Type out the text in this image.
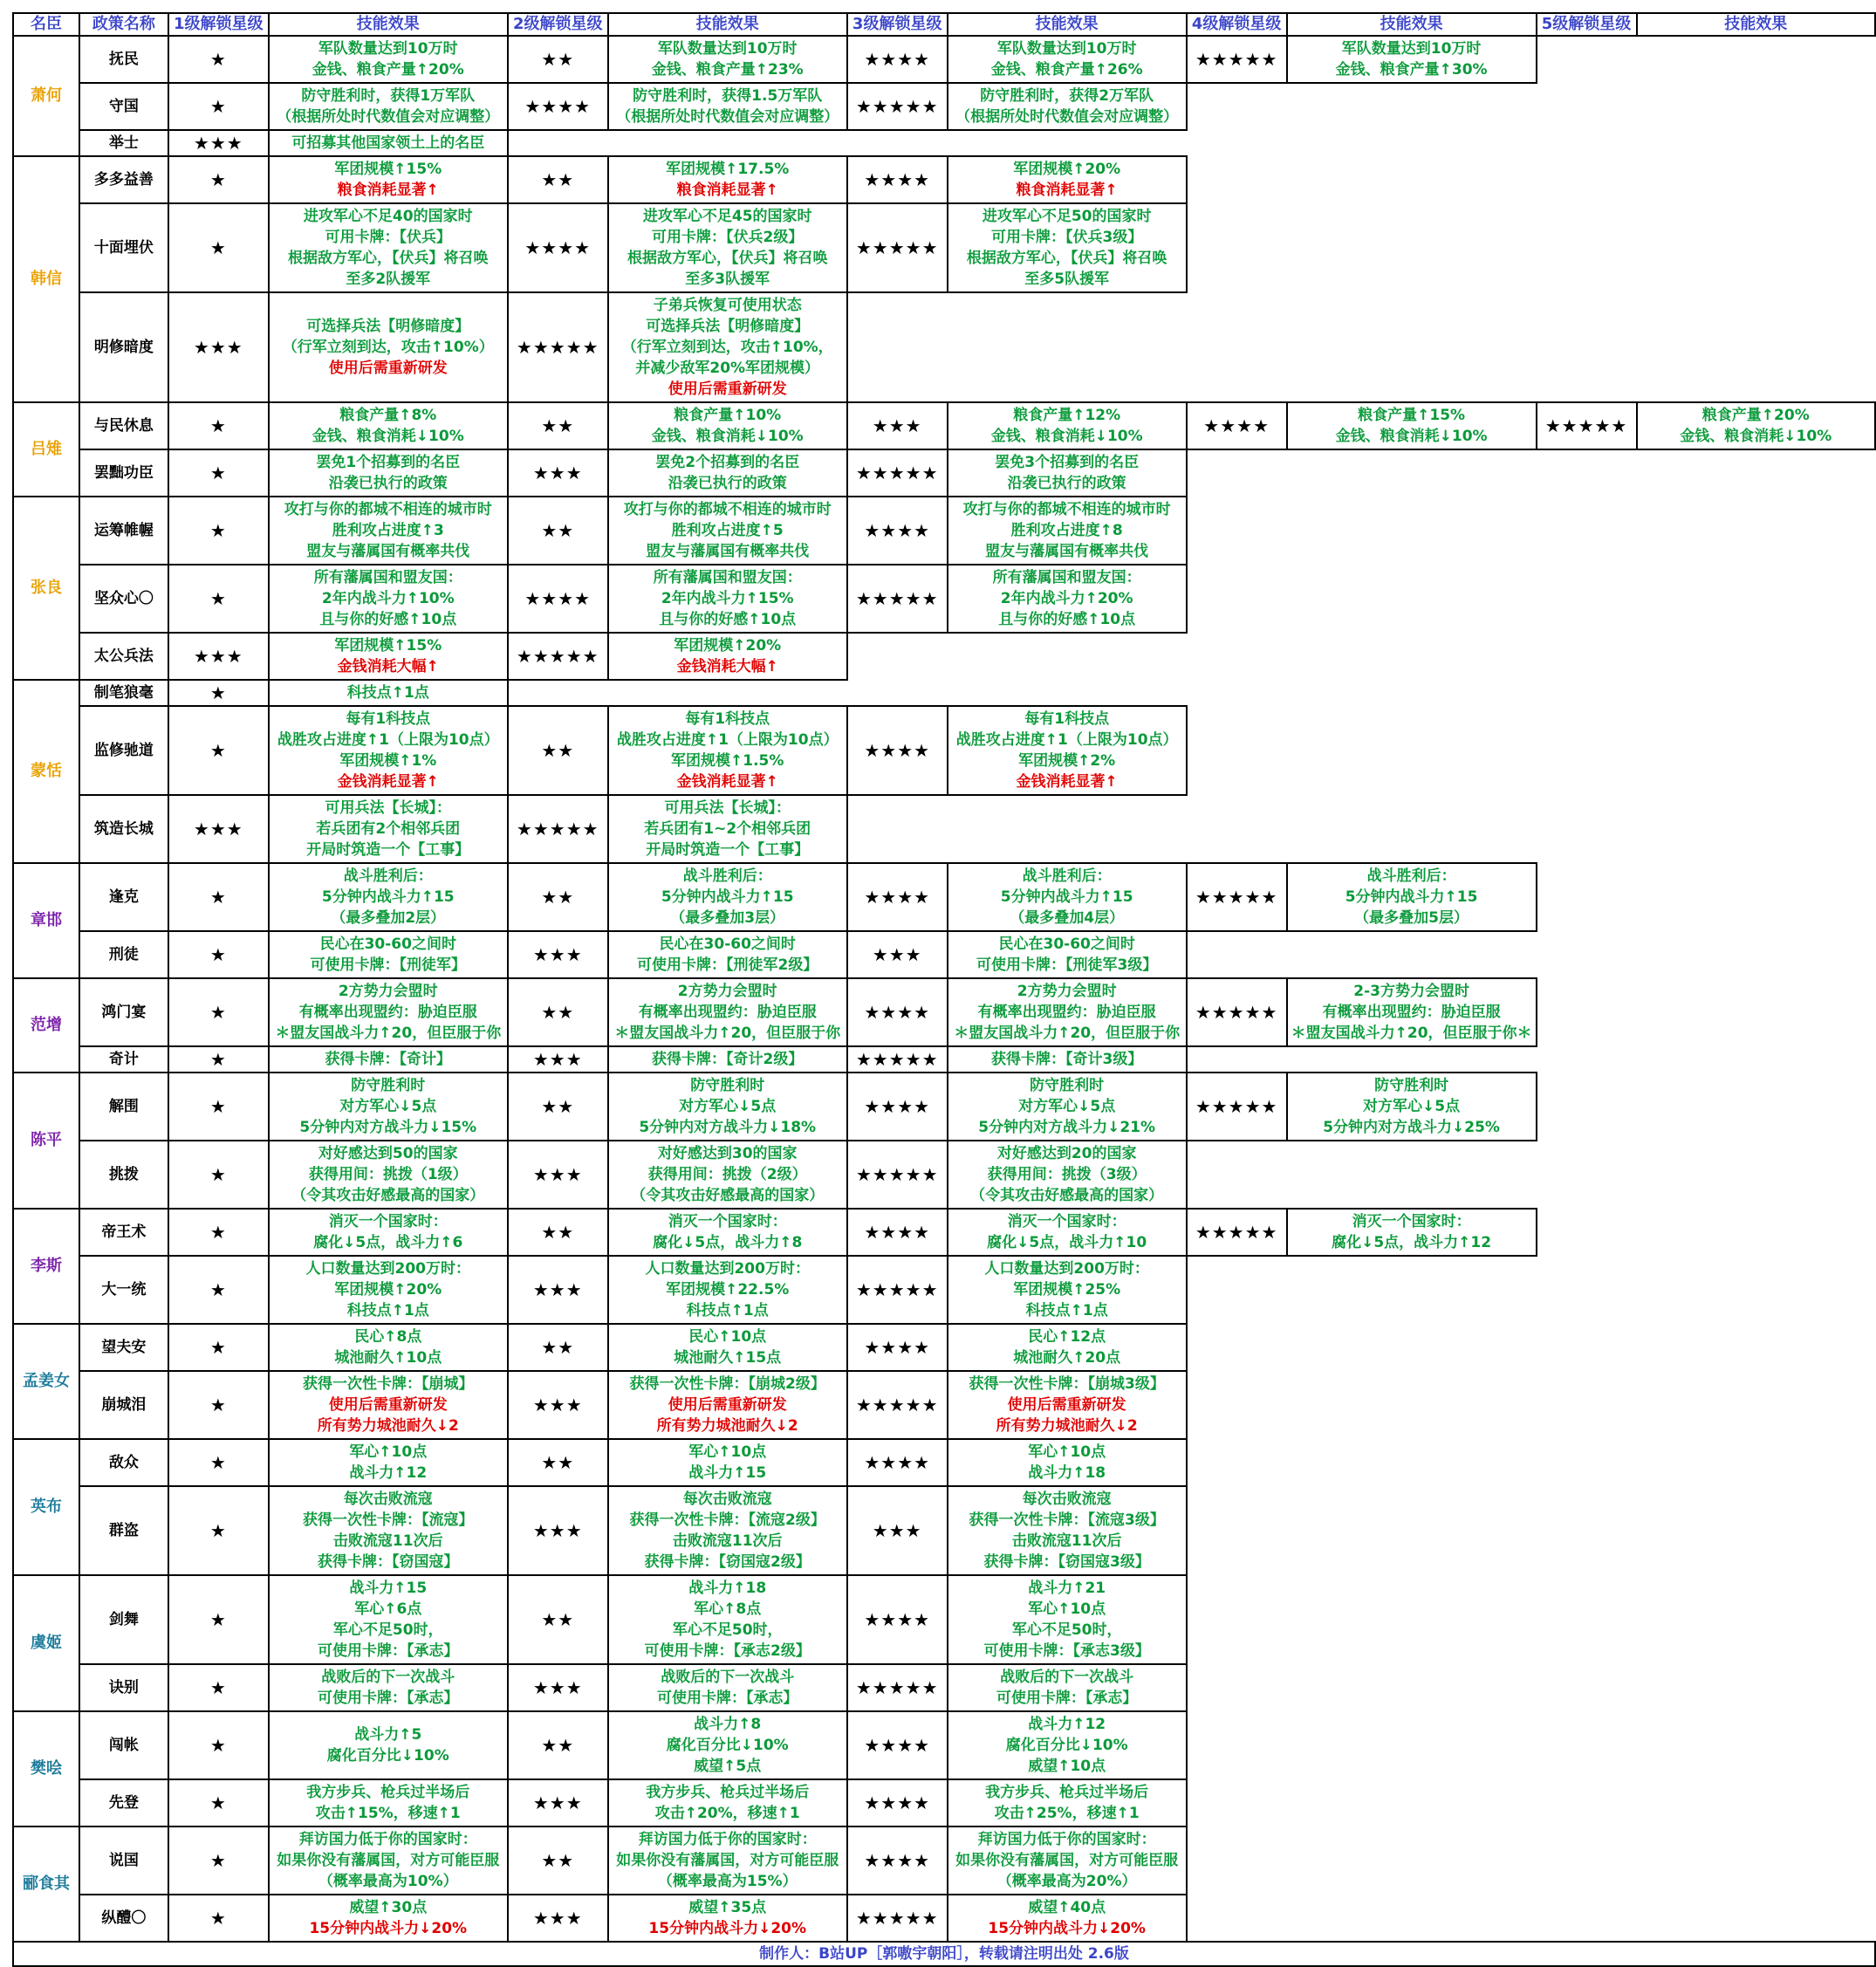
名臣	政策名称	1级解锁星级	技能效果	2级解锁星级	技能效果	3级解锁星级	技能效果	4级解锁星级	技能效果	5级解锁星级	技能效果
萧何	抚民	★	军队数量达到10万时
金钱、粮食产量↑20%	★★	军队数量达到10万时
金钱、粮食产量↑23%	★★★★	军队数量达到10万时
金钱、粮食产量↑26%	★★★★★	军队数量达到10万时
金钱、粮食产量↑30%		

	守国	★	防守胜利时，获得1万军队
（根据所处时代数值会对应调整）	★★★★	防守胜利时，获得1.5万军队
（根据所处时代数值会对应调整）	★★★★★	防守胜利时，获得2万军队
（根据所处时代数值会对应调整）				

	举士	★★★	可招募其他国家领土上的名臣								

韩信	多多益善	★	军团规模↑15%
粮食消耗显著↑	★★	军团规模↑17.5%
粮食消耗显著↑	★★★★	军团规模↑20%
粮食消耗显著↑				

	十面埋伏	★	进攻军心不足40的国家时
可用卡牌：【伏兵】
根据敌方军心，【伏兵】将召唤
至多2队援军	★★★★	进攻军心不足45的国家时
可用卡牌：【伏兵2级】
根据敌方军心，【伏兵】将召唤
至多3队援军	★★★★★	进攻军心不足50的国家时
可用卡牌：【伏兵3级】
根据敌方军心，【伏兵】将召唤
至多5队援军				

	明修暗度	★★★	可选择兵法【明修暗度】
（行军立刻到达，攻击↑10%）
使用后需重新研发	★★★★★	子弟兵恢复可使用状态
可选择兵法【明修暗度】
（行军立刻到达，攻击↑10%，
并减少敌军20%军团规模）
使用后需重新研发						

吕雉	与民休息	★	粮食产量↑8%
金钱、粮食消耗↓10%	★★	粮食产量↑10%
金钱、粮食消耗↓10%	★★★	粮食产量↑12%
金钱、粮食消耗↓10%	★★★★	粮食产量↑15%
金钱、粮食消耗↓10%	★★★★★	粮食产量↑20%
金钱、粮食消耗↓10%

	罢黜功臣	★	罢免1个招募到的名臣
沿袭已执行的政策	★★★	罢免2个招募到的名臣
沿袭已执行的政策	★★★★★	罢免3个招募到的名臣
沿袭已执行的政策				

张良	运筹帷幄	★	攻打与你的都城不相连的城市时
胜利攻占进度↑3
盟友与藩属国有概率共伐	★★	攻打与你的都城不相连的城市时
胜利攻占进度↑5
盟友与藩属国有概率共伐	★★★★	攻打与你的都城不相连的城市时
胜利攻占进度↑8
盟友与藩属国有概率共伐				

	坚众心〇	★	所有藩属国和盟友国：
2年内战斗力↑10%
且与你的好感↑10点	★★★★	所有藩属国和盟友国：
2年内战斗力↑15%
且与你的好感↑10点	★★★★★	所有藩属国和盟友国：
2年内战斗力↑20%
且与你的好感↑10点				

	太公兵法	★★★	军团规模↑15%
金钱消耗大幅↑	★★★★★	军团规模↑20%
金钱消耗大幅↑						

蒙恬	制笔狼毫	★	科技点↑1点								

	监修驰道	★	每有1科技点
战胜攻占进度↑1（上限为10点）
军团规模↑1%
金钱消耗显著↑	★★	每有1科技点
战胜攻占进度↑1（上限为10点）
军团规模↑1.5%
金钱消耗显著↑	★★★★	每有1科技点
战胜攻占进度↑1（上限为10点）
军团规模↑2%
金钱消耗显著↑				

	筑造长城	★★★	可用兵法【长城】：
若兵团有2个相邻兵团
开局时筑造一个【工事】	★★★★★	可用兵法【长城】：
若兵团有1~2个相邻兵团
开局时筑造一个【工事】						

章邯	逢克	★	战斗胜利后：
5分钟内战斗力↑15
（最多叠加2层）	★★	战斗胜利后：
5分钟内战斗力↑15
（最多叠加3层）	★★★★	战斗胜利后：
5分钟内战斗力↑15
（最多叠加4层）	★★★★★	战斗胜利后：
5分钟内战斗力↑15
（最多叠加5层）		

	刑徒	★	民心在30-60之间时
可使用卡牌：【刑徒军】	★★★	民心在30-60之间时
可使用卡牌：【刑徒军2级】	★★★	民心在30-60之间时
可使用卡牌：【刑徒军3级】				

范增	鸿门宴	★	2方势力会盟时
有概率出现盟约：胁迫臣服
＊盟友国战斗力↑20，但臣服于你	★★	2方势力会盟时
有概率出现盟约：胁迫臣服
＊盟友国战斗力↑20，但臣服于你	★★★★	2方势力会盟时
有概率出现盟约：胁迫臣服
＊盟友国战斗力↑20，但臣服于你	★★★★★	2-3方势力会盟时
有概率出现盟约：胁迫臣服
＊盟友国战斗力↑20，但臣服于你＊		

	奇计	★	获得卡牌：【奇计】	★★★	获得卡牌：【奇计2级】	★★★★★	获得卡牌：【奇计3级】				

陈平	解围	★	防守胜利时
对方军心↓5点
5分钟内对方战斗力↓15%	★★	防守胜利时
对方军心↓5点
5分钟内对方战斗力↓18%	★★★★	防守胜利时
对方军心↓5点
5分钟内对方战斗力↓21%	★★★★★	防守胜利时
对方军心↓5点
5分钟内对方战斗力↓25%		

	挑拨	★	对好感达到50的国家
获得用间：挑拨（1级）
（令其攻击好感最高的国家）	★★★	对好感达到30的国家
获得用间：挑拨（2级）
（令其攻击好感最高的国家）	★★★★★	对好感达到20的国家
获得用间：挑拨（3级）
（令其攻击好感最高的国家）				

李斯	帝王术	★	消灭一个国家时：
腐化↓5点，战斗力↑6	★★	消灭一个国家时：
腐化↓5点，战斗力↑8	★★★★	消灭一个国家时：
腐化↓5点，战斗力↑10	★★★★★	消灭一个国家时：
腐化↓5点，战斗力↑12		

	大一统	★	人口数量达到200万时：
军团规模↑20%
科技点↑1点	★★★	人口数量达到200万时：
军团规模↑22.5%
科技点↑1点	★★★★★	人口数量达到200万时：
军团规模↑25%
科技点↑1点				

孟姜女	望夫安	★	民心↑8点
城池耐久↑10点	★★	民心↑10点
城池耐久↑15点	★★★★	民心↑12点
城池耐久↑20点				

	崩城泪	★	获得一次性卡牌：【崩城】
使用后需重新研发
所有势力城池耐久↓2	★★★	获得一次性卡牌：【崩城2级】
使用后需重新研发
所有势力城池耐久↓2	★★★★★	获得一次性卡牌：【崩城3级】
使用后需重新研发
所有势力城池耐久↓2				

英布	敌众	★	军心↑10点
战斗力↑12	★★	军心↑10点
战斗力↑15	★★★★	军心↑10点
战斗力↑18				

	群盗	★	每次击败流寇
获得一次性卡牌：【流寇】
击败流寇11次后
获得卡牌：【窃国寇】	★★★	每次击败流寇
获得一次性卡牌：【流寇2级】
击败流寇11次后
获得卡牌：【窃国寇2级】	★★★	每次击败流寇
获得一次性卡牌：【流寇3级】
击败流寇11次后
获得卡牌：【窃国寇3级】				

虞姬	剑舞	★	战斗力↑15
军心↑6点
军心不足50时，
可使用卡牌：【承志】	★★	战斗力↑18
军心↑8点
军心不足50时，
可使用卡牌：【承志2级】	★★★★	战斗力↑21
军心↑10点
军心不足50时，
可使用卡牌：【承志3级】				

	诀别	★	战败后的下一次战斗
可使用卡牌：【承志】	★★★	战败后的下一次战斗
可使用卡牌：【承志】	★★★★★	战败后的下一次战斗
可使用卡牌：【承志】				

樊哙	闯帐	★	战斗力↑5
腐化百分比↓10%	★★	战斗力↑8
腐化百分比↓10%
威望↑5点	★★★★	战斗力↑12
腐化百分比↓10%
威望↑10点				

	先登	★	我方步兵、枪兵过半场后
攻击↑15%，移速↑1	★★★	我方步兵、枪兵过半场后
攻击↑20%，移速↑1	★★★★	我方步兵、枪兵过半场后
攻击↑25%，移速↑1				

郦食其	说国	★	拜访国力低于你的国家时：
如果你没有藩属国，对方可能臣服
（概率最高为10%）	★★	拜访国力低于你的国家时：
如果你没有藩属国，对方可能臣服
（概率最高为15%）	★★★★	拜访国力低于你的国家时：
如果你没有藩属国，对方可能臣服
（概率最高为20%）				

	纵醴〇	★	威望↑30点
15分钟内战斗力↓20%	★★★	威望↑35点
15分钟内战斗力↓20%	★★★★★	威望↑40点
15分钟内战斗力↓20%				

制作人：B站UP［郭嗷宇朝阳］，转载请注明出处 2.6版											
